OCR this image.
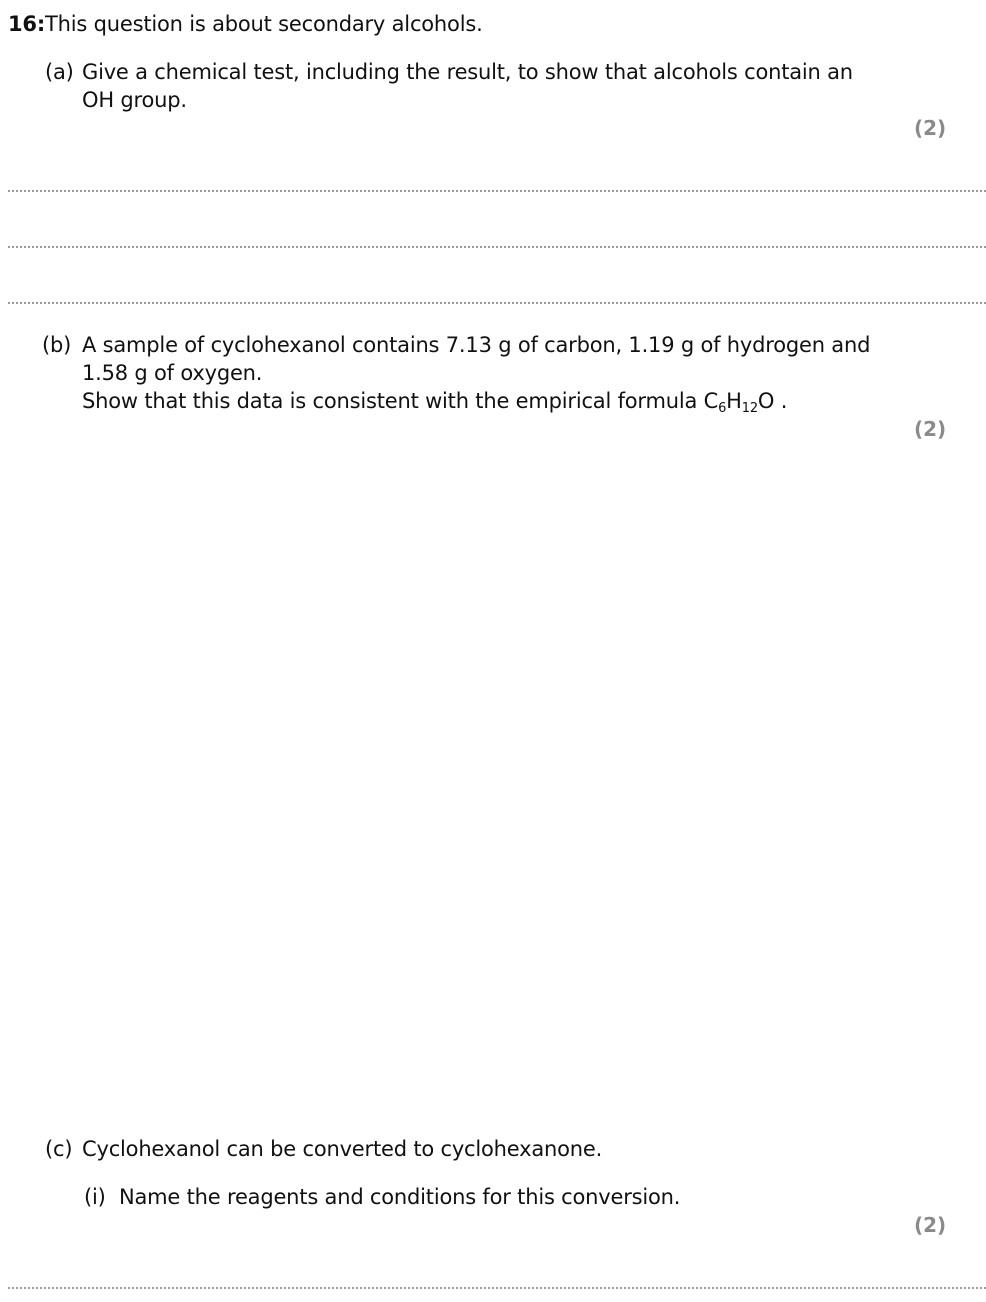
16:This question is about secondary alcohols.
(a) Give a chemical test, including the result, to show that alcohols contain an
OH group.
(2)
(b) A sample of cyclohexanol contains 7.13 g of carbon, 1.19 g of hydrogen and
1.58 g of oxygen.
Show that this data is consistent with the empirical formula $C_6H_{12}O$ .
(2)
(c) Cyclohexanol can be converted to cyclohexanone.
(i) Name the reagents and conditions for this conversion.
(2)
